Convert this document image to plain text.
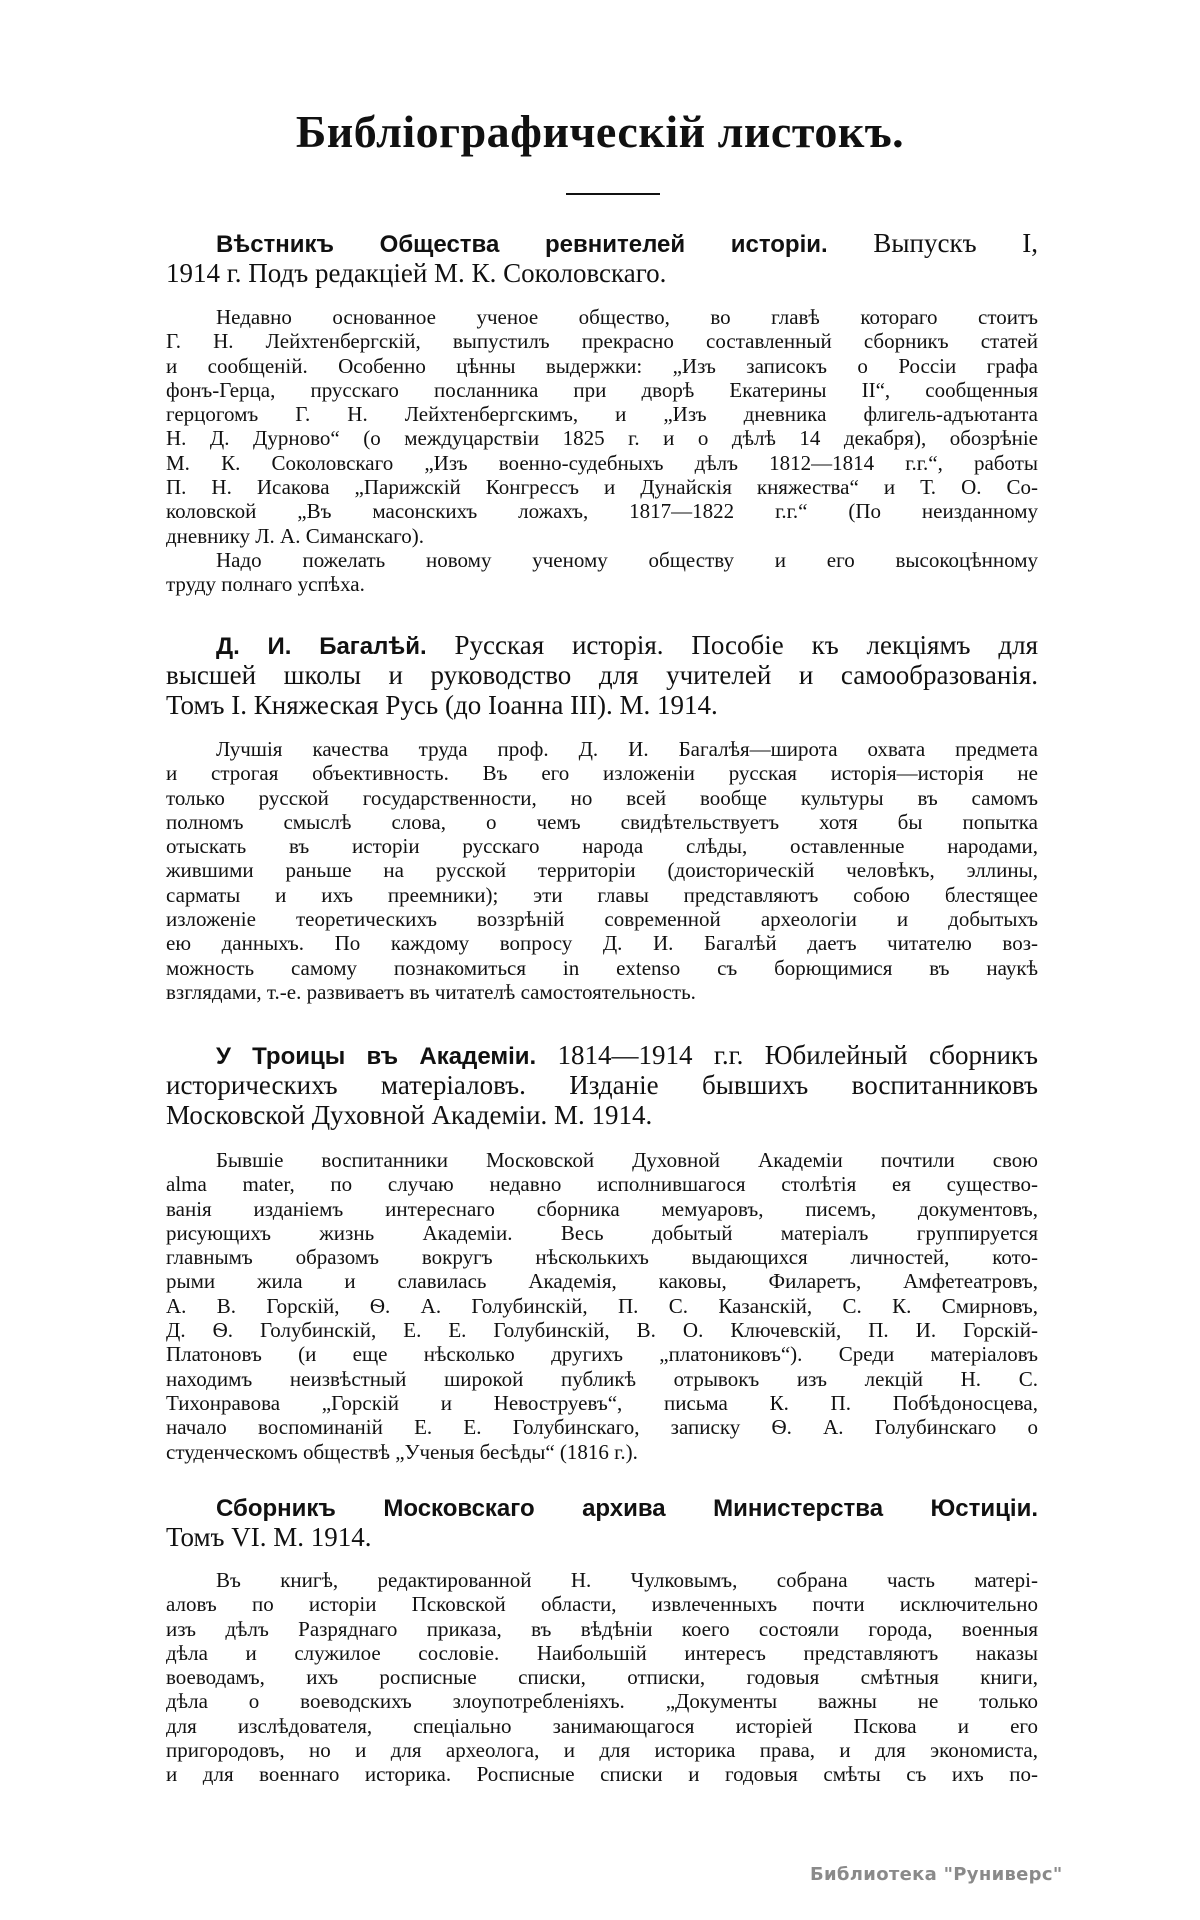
Библіографическій листокъ.
Вѣстникъ Общества ревнителей исторіи. Выпускъ I,
1914 г. Подъ редакціей М. К. Соколовскаго.
Недавно основанное ученое общество, во главѣ котораго стоитъ
Г. Н. Лейхтенбергскій, выпустилъ прекрасно составленный сборникъ статей
и сообщеній. Особенно цѣнны выдержки: „Изъ записокъ о Россіи графа
фонъ-Герца, прусскаго посланника при дворѣ Екатерины II“, сообщенныя
герцогомъ Г. Н. Лейхтенбергскимъ, и „Изъ дневника флигель-адъютанта
Н. Д. Дурново“ (о междуцарствіи 1825 г. и о дѣлѣ 14 декабря), обозрѣніе
М. К. Соколовскаго „Изъ военно-судебныхъ дѣлъ 1812—1814 г.г.“, работы
П. Н. Исакова „Парижскій Конгрессъ и Дунайскія княжества“ и Т. О. Со-
коловской „Въ масонскихъ ложахъ, 1817—1822 г.г.“ (По неизданному
дневнику Л. А. Симанскаго).
Надо пожелать новому ученому обществу и его высокоцѣнному
труду полнаго успѣха.
Д. И. Багалѣй. Русская исторія. Пособіе къ лекціямъ для
высшей школы и руководство для учителей и самообразованія.
Томъ I. Княжеская Русь (до Іоанна III). М. 1914.
Лучшія качества труда проф. Д. И. Багалѣя—широта охвата предмета
и строгая объективность. Въ его изложеніи русская исторія—исторія не
только русской государственности, но всей вообще культуры въ самомъ
полномъ смыслѣ слова, о чемъ свидѣтельствуетъ хотя бы попытка
отыскать въ исторіи русскаго народа слѣды, оставленные народами,
жившими раньше на русской территоріи (доисторическій человѣкъ, эллины,
сарматы и ихъ преемники); эти главы представляютъ собою блестящее
изложеніе теоретическихъ воззрѣній современной археологіи и добытыхъ
ею данныхъ. По каждому вопросу Д. И. Багалѣй даетъ читателю воз-
можность самому познакомиться in extenso съ борющимися въ наукѣ
взглядами, т.-е. развиваетъ въ читателѣ самостоятельность.
У Троицы въ Академіи. 1814—1914 г.г. Юбилейный сборникъ
историческихъ матеріаловъ. Изданіе бывшихъ воспитанниковъ
Московской Духовной Академіи. М. 1914.
Бывшіе воспитанники Московской Духовной Академіи почтили свою
alma mater, по случаю недавно исполнившагося столѣтія ея существо-
ванія изданіемъ интереснаго сборника мемуаровъ, писемъ, документовъ,
рисующихъ жизнь Академіи. Весь добытый матеріалъ группируется
главнымъ образомъ вокругъ нѣсколькихъ выдающихся личностей, кото-
рыми жила и славилась Академія, каковы, Филаретъ, Амфетеатровъ,
А. В. Горскій, Ѳ. А. Голубинскій, П. С. Казанскій, С. К. Смирновъ,
Д. Ѳ. Голубинскій, Е. Е. Голубинскій, В. О. Ключевскій, П. И. Горскій-
Платоновъ (и еще нѣсколько другихъ „платониковъ“). Среди матеріаловъ
находимъ неизвѣстный широкой публикѣ отрывокъ изъ лекцій Н. С.
Тихонравова „Горскій и Невоструевъ“, письма К. П. Побѣдоносцева,
начало воспоминаній Е. Е. Голубинскаго, записку Ѳ. А. Голубинскаго о
студенческомъ обществѣ „Ученыя бесѣды“ (1816 г.).
Сборникъ Московскаго архива Министерства Юстиціи.
Томъ VI. М. 1914.
Въ книгѣ, редактированной Н. Чулковымъ, собрана часть матері-
аловъ по исторіи Псковской области, извлеченныхъ почти исключительно
изъ дѣлъ Разряднаго приказа, въ вѣдѣніи коего состояли города, военныя
дѣла и служилое сословіе. Наибольшій интересъ представляютъ наказы
воеводамъ, ихъ росписные списки, отписки, годовыя смѣтныя книги,
дѣла о воеводскихъ злоупотребленіяхъ. „Документы важны не только
для изслѣдователя, спеціально занимающагося исторіей Пскова и его
пригородовъ, но и для археолога, и для историка права, и для экономиста,
и для военнаго историка. Росписные списки и годовыя смѣты съ ихъ по-
Библиотека "Руниверс"
